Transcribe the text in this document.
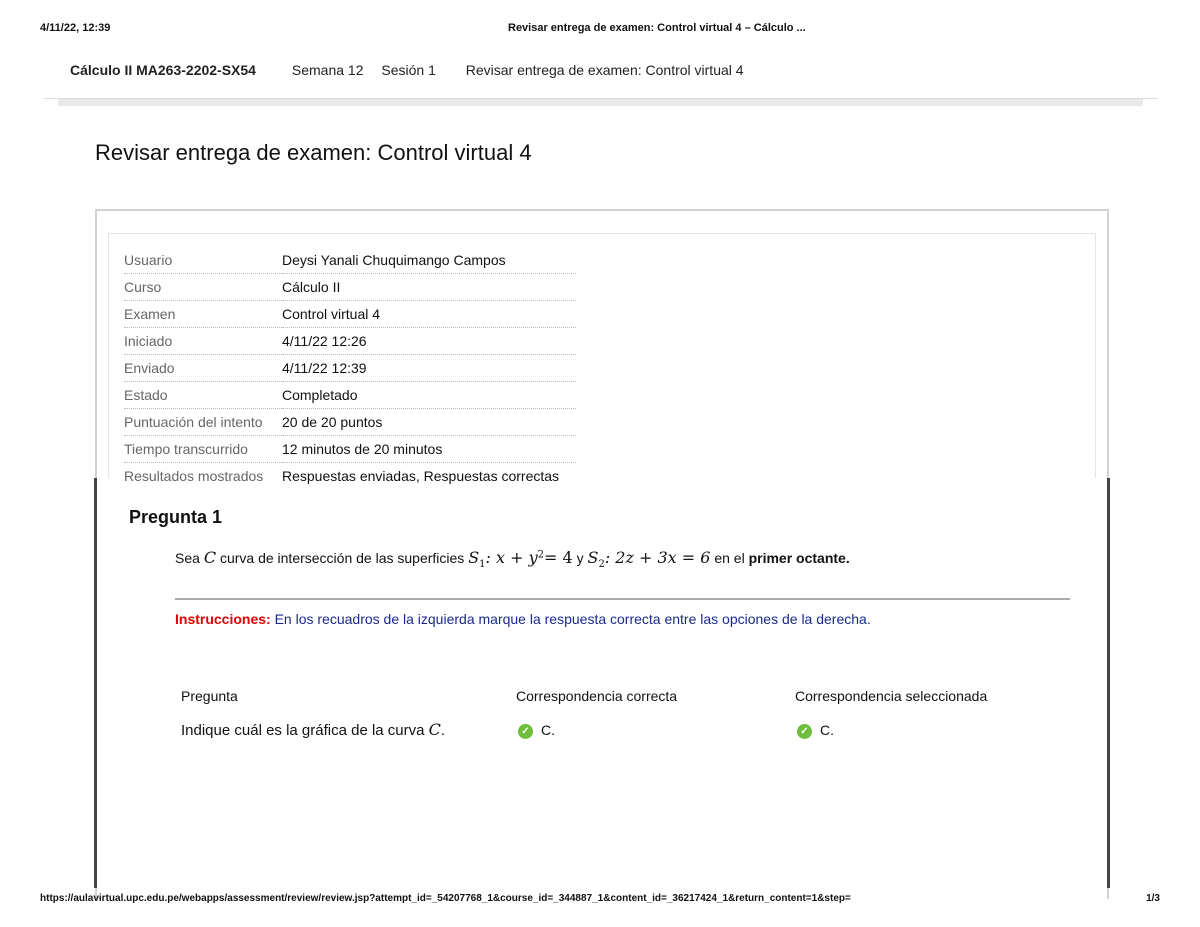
4/11/22, 12:39	Revisar entrega de examen: Control virtual 4 – Cálculo ...
Cálculo II MA263-2202-SX54	Semana 12 Sesión 1 Revisar entrega de examen: Control virtual 4
Revisar entrega de examen: Control virtual 4
Usuario	Deysi Yanali Chuquimango Campos
Curso	Cálculo II
Examen	Control virtual 4
Iniciado	4/11/22 12:26
Enviado	4/11/22 12:39
Estado	Completado
Puntuación del intento	20 de 20 puntos
Tiempo transcurrido	12 minutos de 20 minutos
Resultados mostrados	Respuestas enviadas, Respuestas correctas
Pregunta 1
Sea C curva de intersección de las superficies $S_1$: $x + y^2= 4$ y $S_2$: 2z + 3x = 6 en el primer octante.
Instrucciones: En los recuadros de la izquierda marque la respuesta correcta entre las opciones de la derecha.
Pregunta	Correspondencia correcta	Correspondencia seleccionada
Indique cuál es la gráfica de la curva C.	✓ C.	✓ C.
https://aulavirtual.upc.edu.pe/webapps/assessment/review/review.jsp?attempt_id=_54207768_1&course_id=_344887_1&content_id=_36217424_1&return_content=1&step=	1/3
